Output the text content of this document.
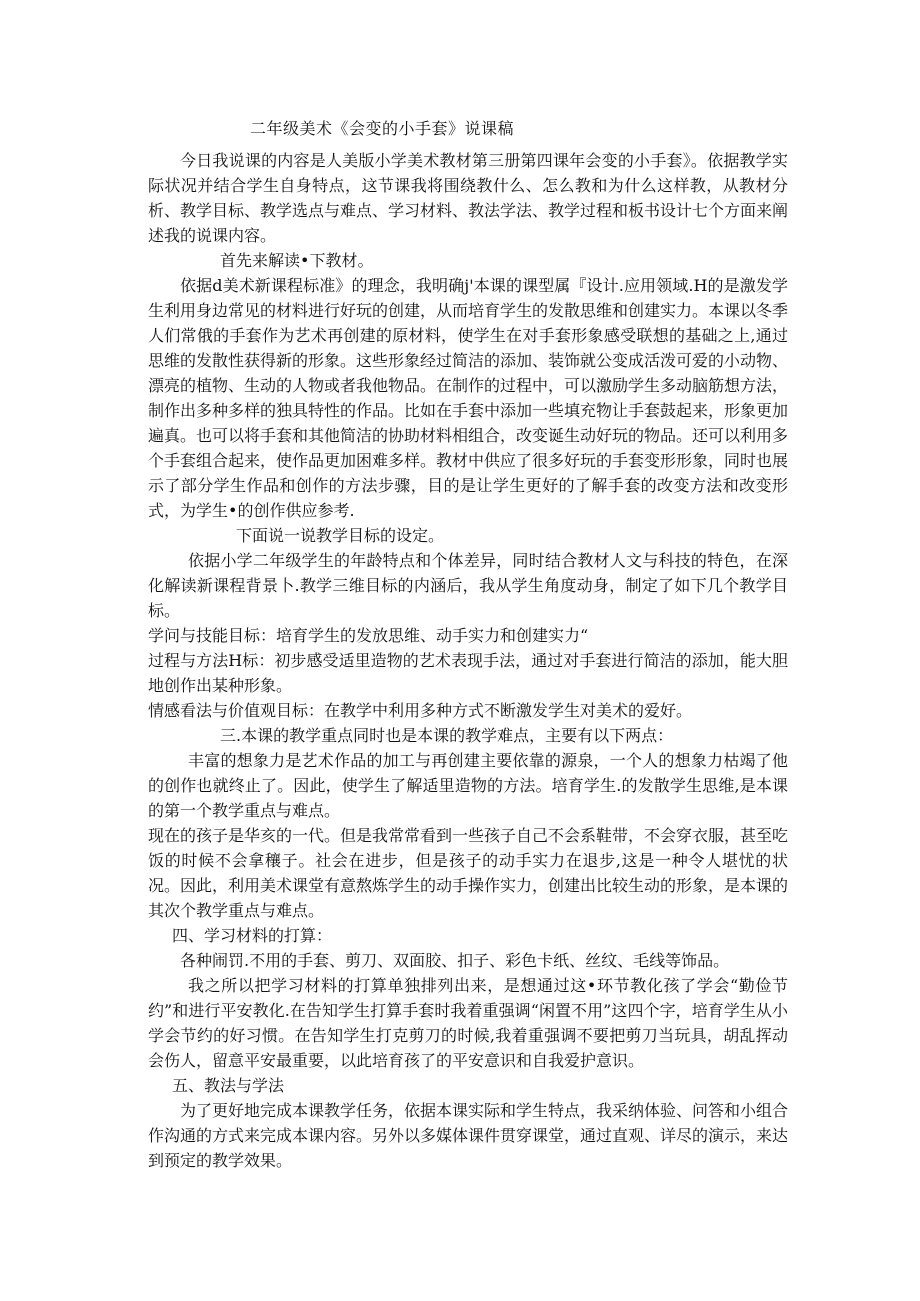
二年级美术《会变的小手套》说课稿

今日我说课的内容是人美版小学美术教材第三册第四课年会变的小手套》。依据教学实际状况并结合学生自身特点，这节课我将围绕教什么、怎么教和为什么这样教，从教材分析、教学目标、教学选点与难点、学习材料、教法学法、教学过程和板书设计七个方面来阐述我的说课内容。

首先来解读•下教材。

依据d美术新课程标准》的理念，我明确j'本课的课型属『设计.应用领域.H的是激发学生利用身边常见的材料进行好玩的创建，从而培育学生的发散思维和创建实力。本课以冬季人们常俄的手套作为艺术再创建的原材料，使学生在对手套形象感受联想的基础之上,通过思维的发散性获得新的形象。这些形象经过简洁的添加、装饰就公变成活泼可爱的小动物、漂亮的植物、生动的人物或者我他物品。在制作的过程中，可以激励学生多动脑筋想方法，制作出多种多样的独具特性的作品。比如在手套中添加一些填充物让手套鼓起来，形象更加遍真。也可以将手套和其他简洁的协助材料相组合，改变诞生动好玩的物品。还可以利用多个手套组合起来，使作品更加困难多样。教材中供应了很多好玩的手套变形形象，同时也展示了部分学生作品和创作的方法步骤，目的是让学生更好的了解手套的改变方法和改变形式，为学生•的创作供应参考.

下面说一说教学目标的设定。

依据小学二年级学生的年龄特点和个体差异，同时结合教材人文与科技的特色，在深化解读新课程背景卜.教学三维目标的内涵后，我从学生角度动身，制定了如下几个教学目标。

学问与技能目标：培育学生的发放思维、动手实力和创建实力“

过程与方法H标：初步感受适里造物的艺术表现手法，通过对手套进行简洁的添加，能大胆地创作出某种形象。

情感看法与价值观目标：在教学中利用多种方式不断激发学生对美术的爱好。

三.本课的教学重点同时也是本课的教学难点，主要有以下两点：

丰富的想象力是艺术作品的加工与再创建主要依靠的源泉，一个人的想象力枯竭了他的创作也就终止了。因此，使学生了解适里造物的方法。培育学生.的发散学生思维,是本课的第一个教学重点与难点。

现在的孩子是华亥的一代。但是我常常看到一些孩子自己不会系鞋带，不会穿衣服，甚至吃饭的时候不会拿穰子。社会在进步，但是孩子的动手实力在退步,这是一种令人堪忧的状况。因此，利用美术课堂有意熬炼学生的动手操作实力，创建出比较生动的形象，是本课的其次个教学重点与难点。

四、学习材料的打算：

各种闹罚.不用的手套、剪刀、双面胶、扣子、彩色卡纸、丝纹、毛线等饰品。

我之所以把学习材料的打算单独排列出来，是想通过这•环节教化孩了学会“勤俭节约”和进行平安教化.在告知学生打算手套时我着重强调“闲置不用”这四个字，培育学生从小学会节约的好习惯。在告知学生打克剪刀的时候,我着重强调不要把剪刀当玩具，胡乱挥动会伤人，留意平安最重要，以此培育孩了的平安意识和自我爱护意识。

五、教法与学法

为了更好地完成本课教学任务，依据本课实际和学生特点，我采纳体验、问答和小组合作沟通的方式来完成本课内容。另外以多媒体课件贯穿课堂，通过直观、详尽的演示，来达到预定的教学效果。
